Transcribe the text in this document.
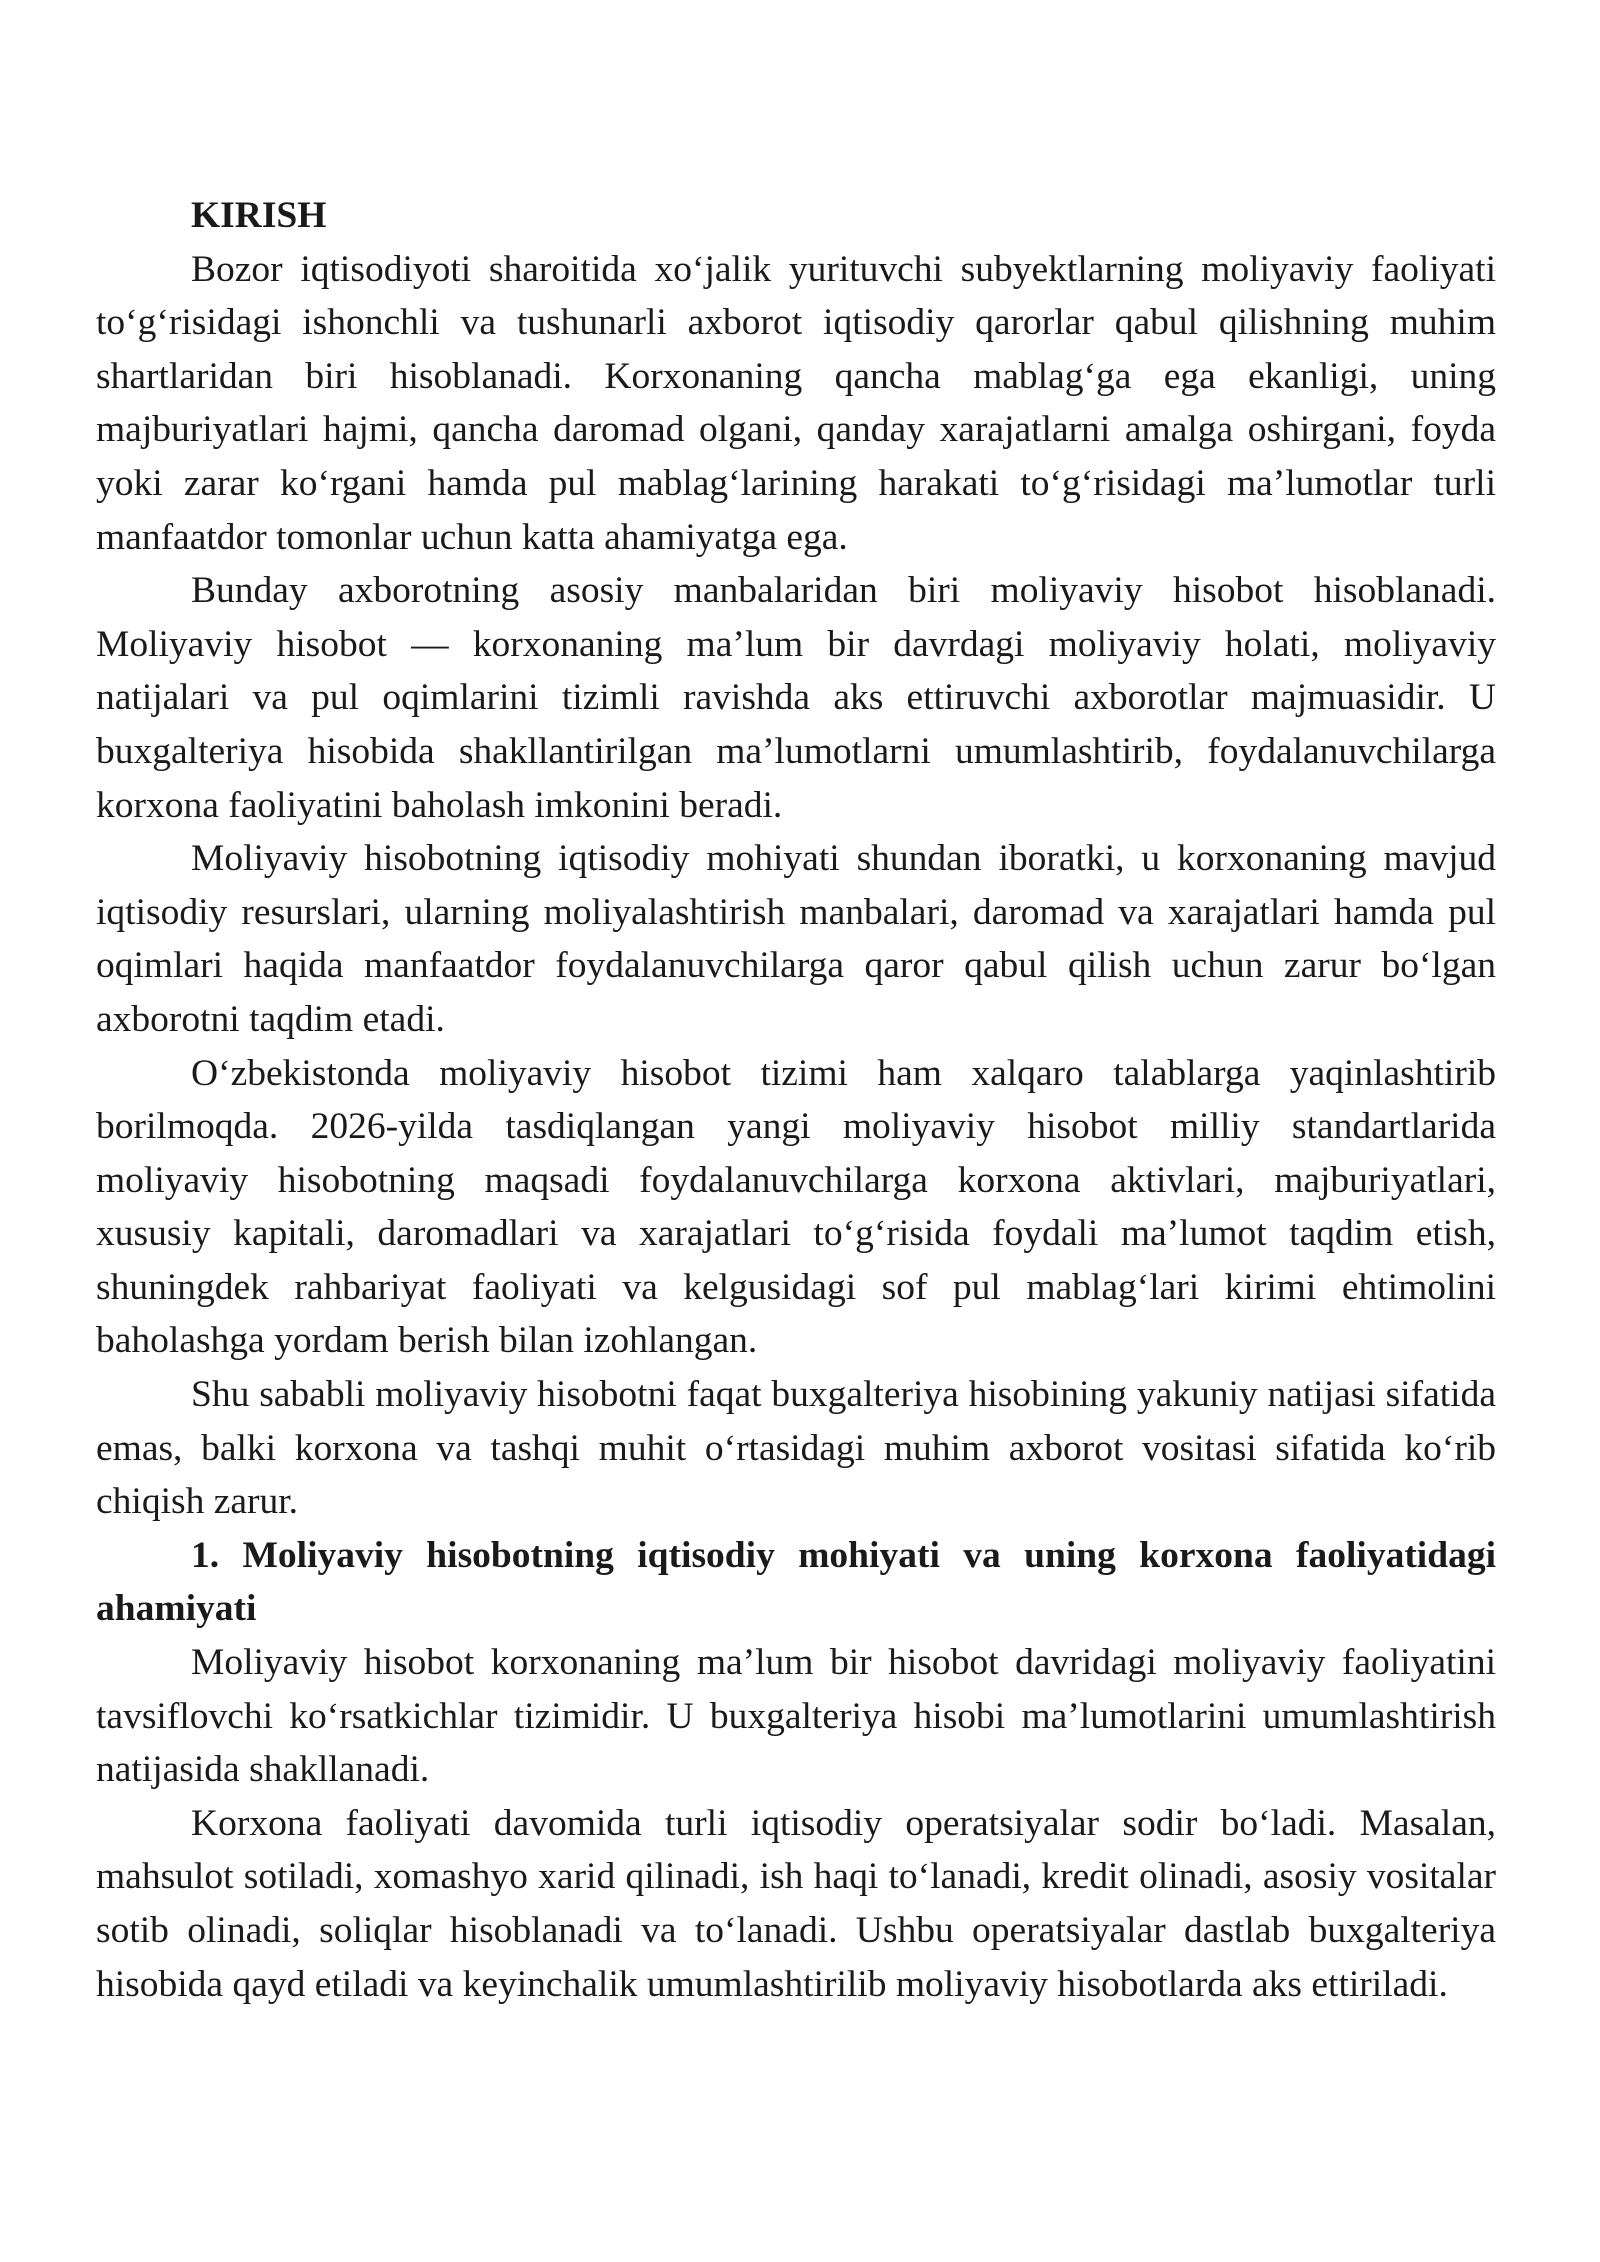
KIRISH

Bozor iqtisodiyoti sharoitida xo‘jalik yurituvchi subyektlarning moliyaviy faoliyati to‘g‘risidagi ishonchli va tushunarli axborot iqtisodiy qarorlar qabul qilishning muhim shartlaridan biri hisoblanadi. Korxonaning qancha mablag‘ga ega ekanligi, uning majburiyatlari hajmi, qancha daromad olgani, qanday xarajatlarni amalga oshirgani, foyda yoki zarar ko‘rgani hamda pul mablag‘larining harakati to‘g‘risidagi ma’lumotlar turli manfaatdor tomonlar uchun katta ahamiyatga ega.

Bunday axborotning asosiy manbalaridan biri moliyaviy hisobot hisoblanadi. Moliyaviy hisobot — korxonaning ma’lum bir davrdagi moliyaviy holati, moliyaviy natijalari va pul oqimlarini tizimli ravishda aks ettiruvchi axborotlar majmuasidir. U buxgalteriya hisobida shakllantirilgan ma’lumotlarni umumlashtirib, foydalanuvchilarga korxona faoliyatini baholash imkonini beradi.

Moliyaviy hisobotning iqtisodiy mohiyati shundan iboratki, u korxonaning mavjud iqtisodiy resurslari, ularning moliyalashtirish manbalari, daromad va xarajatlari hamda pul oqimlari haqida manfaatdor foydalanuvchilarga qaror qabul qilish uchun zarur bo‘lgan axborotni taqdim etadi.

O‘zbekistonda moliyaviy hisobot tizimi ham xalqaro talablarga yaqinlashtirib borilmoqda. 2026-yilda tasdiqlangan yangi moliyaviy hisobot milliy standartlarida moliyaviy hisobotning maqsadi foydalanuvchilarga korxona aktivlari, majburiyatlari, xususiy kapitali, daromadlari va xarajatlari to‘g‘risida foydali ma’lumot taqdim etish, shuningdek rahbariyat faoliyati va kelgusidagi sof pul mablag‘lari kirimi ehtimolini baholashga yordam berish bilan izohlangan.

Shu sababli moliyaviy hisobotni faqat buxgalteriya hisobining yakuniy natijasi sifatida emas, balki korxona va tashqi muhit o‘rtasidagi muhim axborot vositasi sifatida ko‘rib chiqish zarur.

1. Moliyaviy hisobotning iqtisodiy mohiyati va uning korxona faoliyatidagi ahamiyati

Moliyaviy hisobot korxonaning ma’lum bir hisobot davridagi moliyaviy faoliyatini tavsiflovchi ko‘rsatkichlar tizimidir. U buxgalteriya hisobi ma’lumotlarini umumlashtirish natijasida shakllanadi.

Korxona faoliyati davomida turli iqtisodiy operatsiyalar sodir bo‘ladi. Masalan, mahsulot sotiladi, xomashyo xarid qilinadi, ish haqi to‘lanadi, kredit olinadi, asosiy vositalar sotib olinadi, soliqlar hisoblanadi va to‘lanadi. Ushbu operatsiyalar dastlab buxgalteriya hisobida qayd etiladi va keyinchalik umumlashtirilib moliyaviy hisobotlarda aks ettiriladi.
